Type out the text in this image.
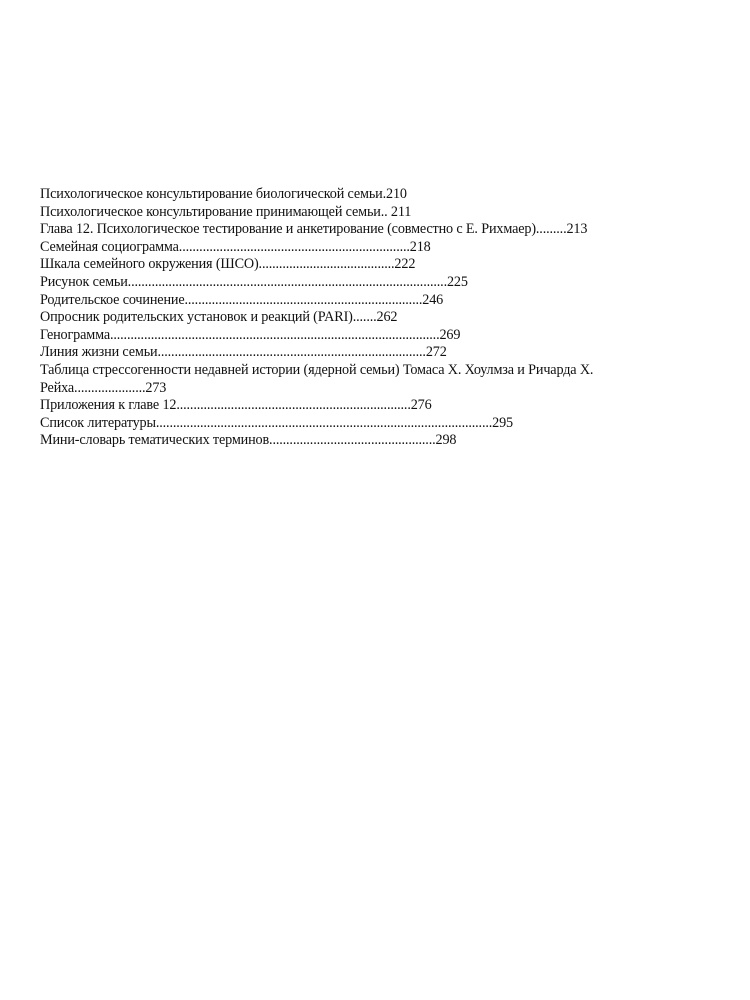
Психологическое консультирование биологической семьи.210
Психологическое консультирование принимающей семьи.. 211
Глава 12. Психологическое тестирование и анкетирование (совместно с Е. Рихмаер).........213
Семейная социограмма....................................................................218
Шкала семейного окружения (ШСО)........................................222
Рисунок семьи..............................................................................................225
Родительское сочинение......................................................................246
Опросник родительских установок и реакций (PARI).......262
Генограмма.................................................................................................269
Линия жизни семьи...............................................................................272
Таблица стрессогенности недавней истории (ядерной семьи) Томаса X. Хоулмза и Ричарда X. Рейха.....................273
Приложения к главе 12.....................................................................276
Список литературы...................................................................................................295
Мини-словарь тематических терминов.................................................298
